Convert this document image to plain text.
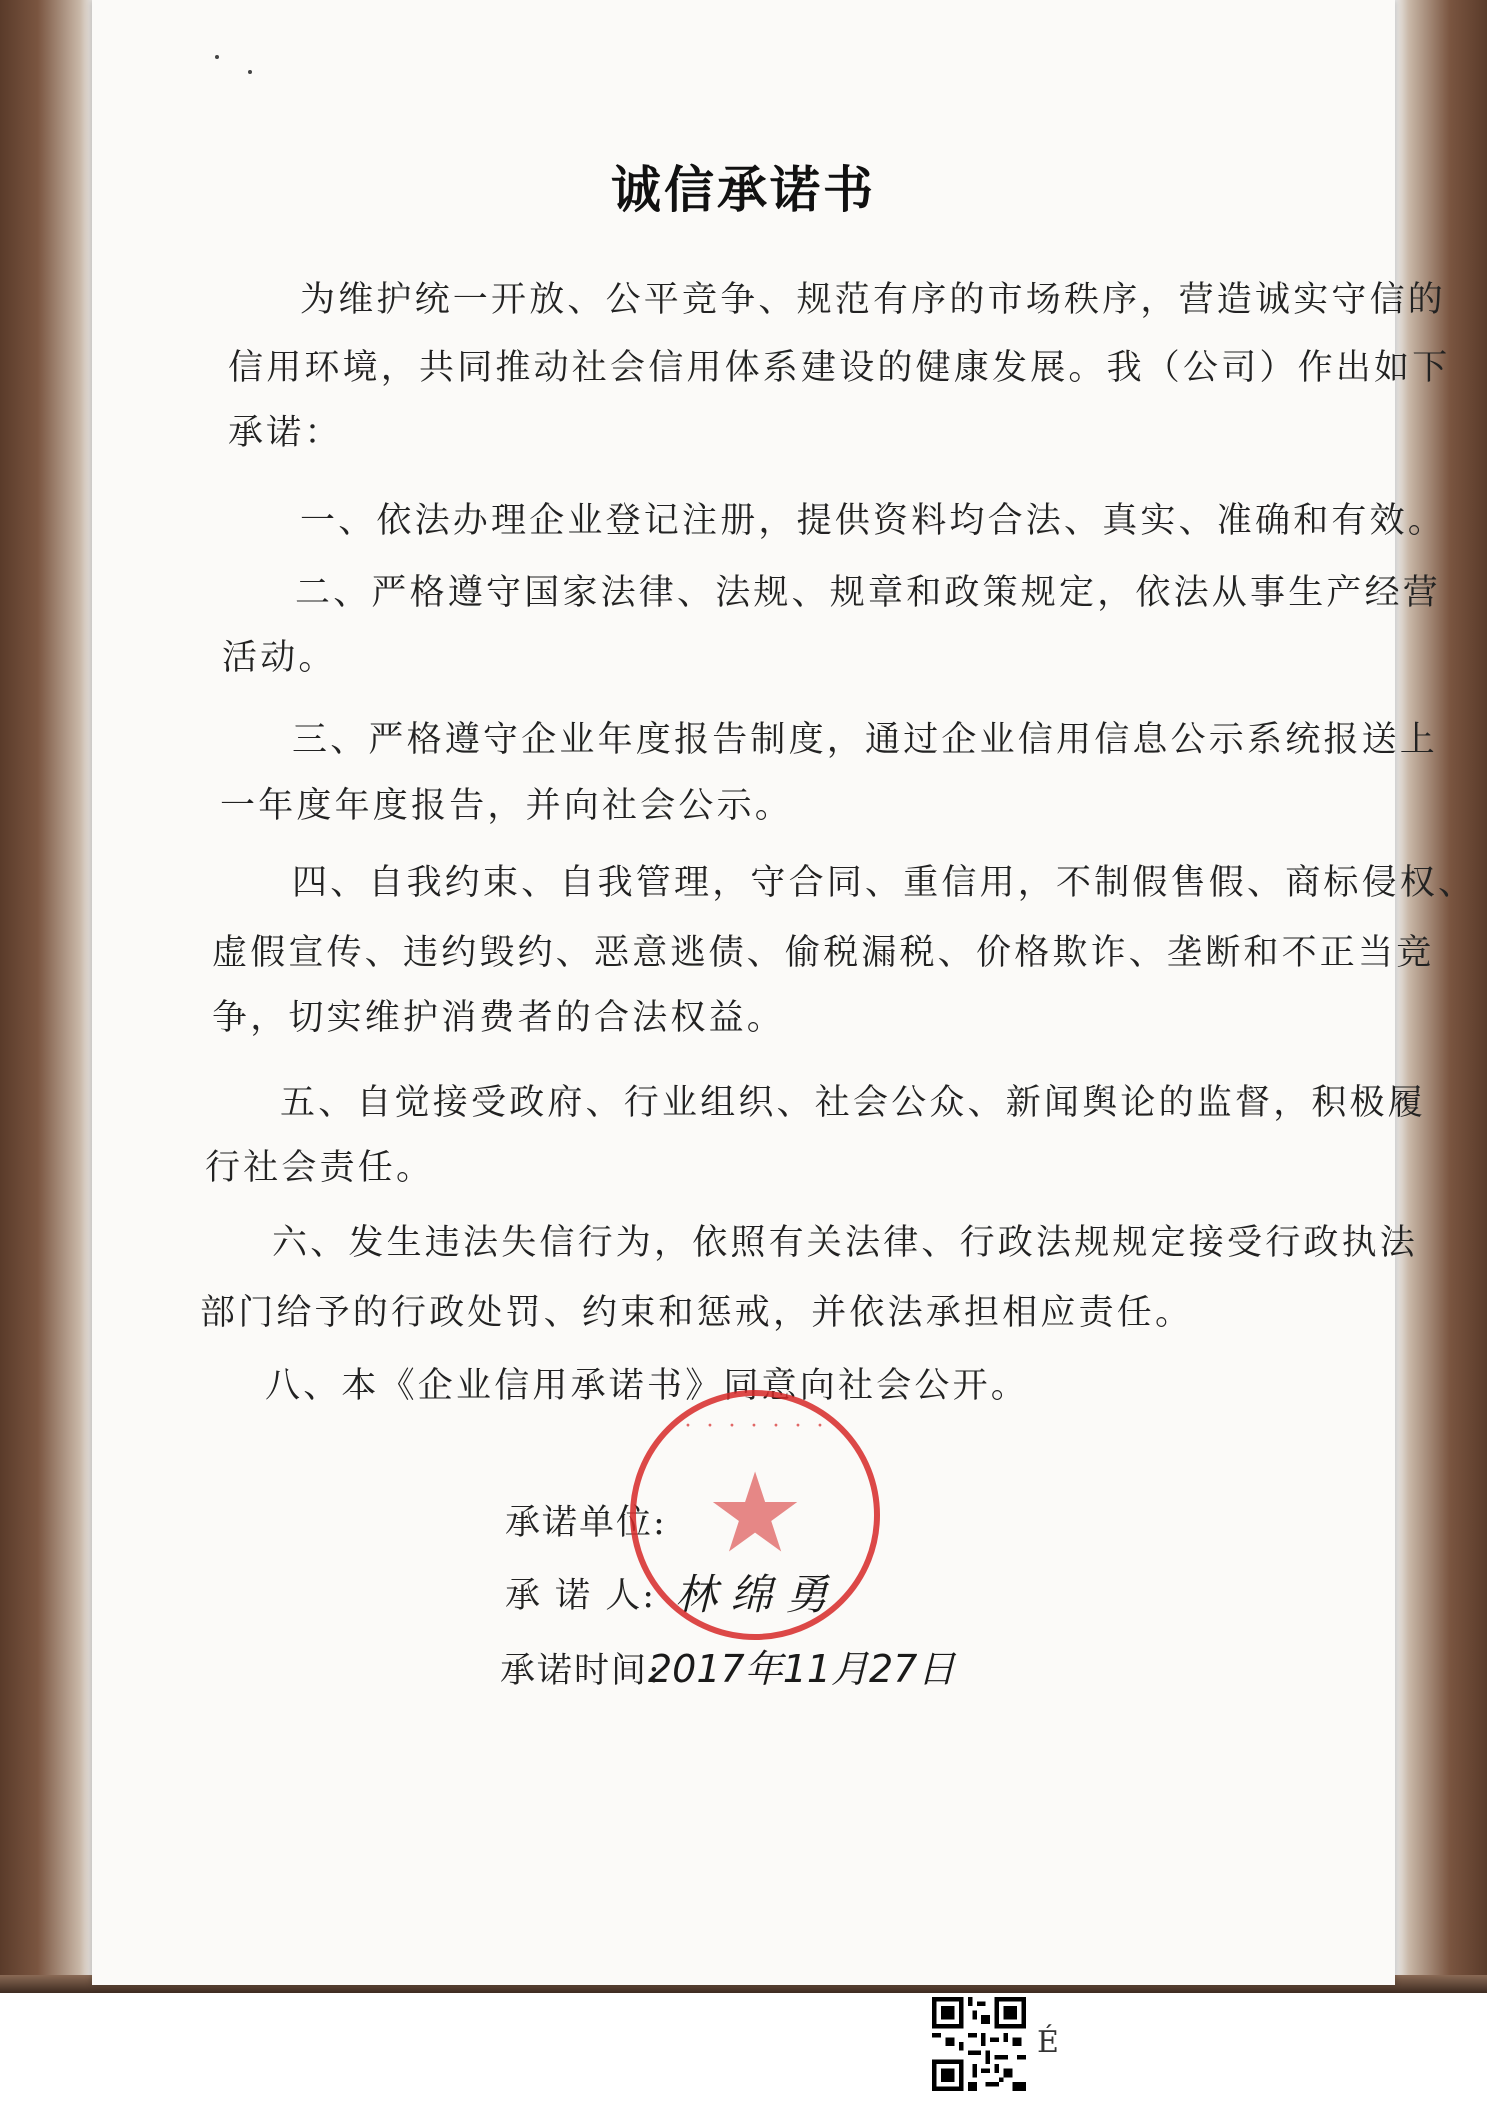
诚信承诺书
为维护统一开放、公平竞争、规范有序的市场秩序，营造诚实守信的
信用环境，共同推动社会信用体系建设的健康发展。我（公司）作出如下
承诺：
一、依法办理企业登记注册，提供资料均合法、真实、准确和有效。
二、严格遵守国家法律、法规、规章和政策规定，依法从事生产经营
活动。
三、严格遵守企业年度报告制度，通过企业信用信息公示系统报送上
一年度年度报告，并向社会公示。
四、自我约束、自我管理，守合同、重信用，不制假售假、商标侵权、
虚假宣传、违约毁约、恶意逃债、偷税漏税、价格欺诈、垄断和不正当竞
争，切实维护消费者的合法权益。
五、自觉接受政府、行业组织、社会公众、新闻舆论的监督，积极履
行社会责任。
六、发生违法失信行为，依照有关法律、行政法规规定接受行政执法
部门给予的行政处罚、约束和惩戒，并依法承担相应责任。
八、本《企业信用承诺书》同意向社会公开。
承诺单位:
承 诺 人: 林 绵 勇
承诺时间:
2017年11月27日
· · · · · · ·
★
É
